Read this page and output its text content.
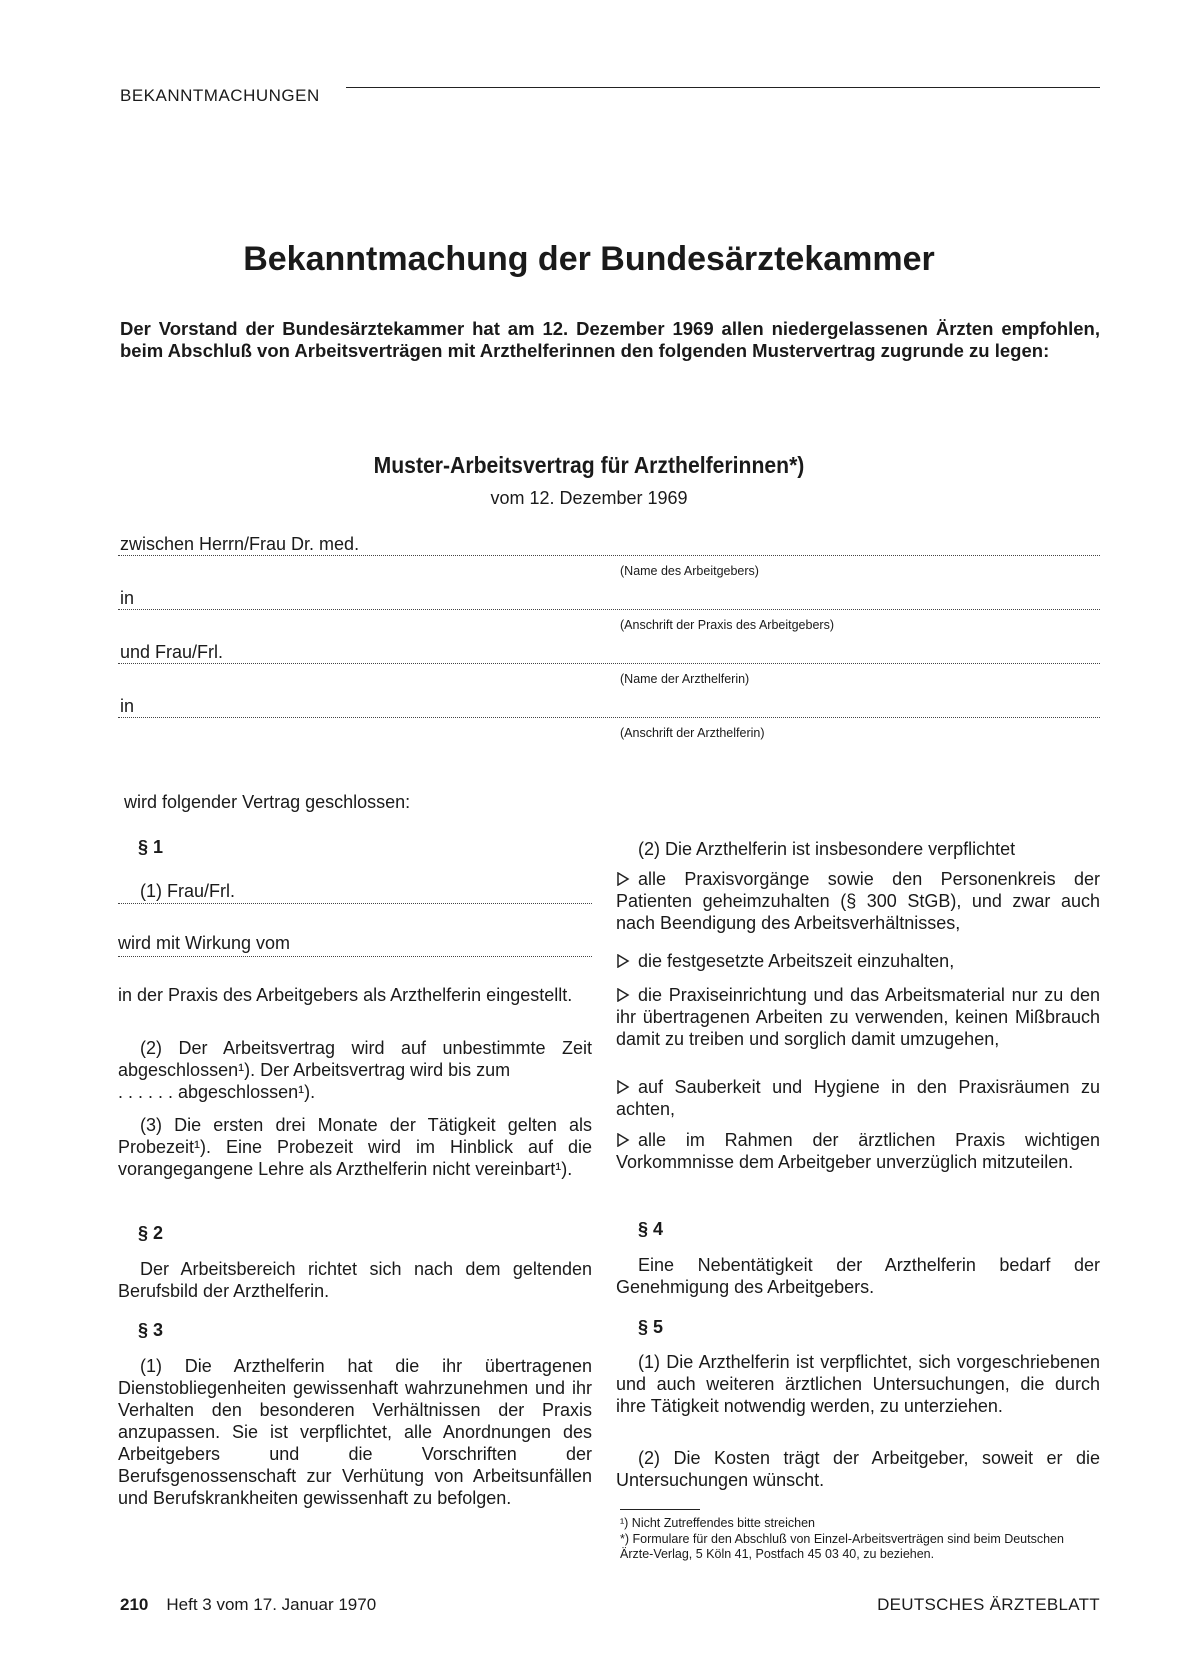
BEKANNTMACHUNGEN
Bekanntmachung der Bundesärztekammer
Der Vorstand der Bundesärztekammer hat am 12. Dezember 1969 allen niedergelassenen Ärzten empfohlen, beim Abschluß von Arbeitsverträgen mit Arzthelferinnen den folgenden Mustervertrag zugrunde zu legen:
Muster-Arbeitsvertrag für Arzthelferinnen*)
vom 12. Dezember 1969
zwischen Herrn/Frau Dr. med.
(Name des Arbeitgebers)
in
(Anschrift der Praxis des Arbeitgebers)
und Frau/Frl.
(Name der Arzthelferin)
in
(Anschrift der Arzthelferin)
wird folgender Vertrag geschlossen:
§ 1
(1) Frau/Frl.
wird mit Wirkung vom
in der Praxis des Arbeitgebers als Arzthelferin eingestellt.
(2) Der Arbeitsvertrag wird auf unbestimmte Zeit abgeschlossen¹). Der Arbeitsvertrag wird bis zum
. . . . . . abgeschlossen¹).
(3) Die ersten drei Monate der Tätigkeit gelten als Probezeit¹). Eine Probezeit wird im Hinblick auf die vorangegangene Lehre als Arzthelferin nicht vereinbart¹).
§ 2
Der Arbeitsbereich richtet sich nach dem geltenden Berufsbild der Arzthelferin.
§ 3
(1) Die Arzthelferin hat die ihr übertragenen Dienstobliegenheiten gewissenhaft wahrzunehmen und ihr Verhalten den besonderen Verhältnissen der Praxis anzupassen. Sie ist verpflichtet, alle Anordnungen des Arbeitgebers und die Vorschriften der Berufsgenossenschaft zur Verhütung von Arbeitsunfällen und Berufskrankheiten gewissenhaft zu befolgen.
(2) Die Arzthelferin ist insbesondere verpflichtet
alle Praxisvorgänge sowie den Personenkreis der Patienten geheimzuhalten (§ 300 StGB), und zwar auch nach Beendigung des Arbeitsverhältnisses,
die festgesetzte Arbeitszeit einzuhalten,
die Praxiseinrichtung und das Arbeitsmaterial nur zu den ihr übertragenen Arbeiten zu verwenden, keinen Mißbrauch damit zu treiben und sorglich damit umzugehen,
auf Sauberkeit und Hygiene in den Praxisräumen zu achten,
alle im Rahmen der ärztlichen Praxis wichtigen Vorkommnisse dem Arbeitgeber unverzüglich mitzuteilen.
§ 4
Eine Nebentätigkeit der Arzthelferin bedarf der Genehmigung des Arbeitgebers.
§ 5
(1) Die Arzthelferin ist verpflichtet, sich vorgeschriebenen und auch weiteren ärztlichen Untersuchungen, die durch ihre Tätigkeit notwendig werden, zu unterziehen.
(2) Die Kosten trägt der Arbeitgeber, soweit er die Untersuchungen wünscht.
¹) Nicht Zutreffendes bitte streichen
*) Formulare für den Abschluß von Einzel-Arbeitsverträgen sind beim Deutschen Ärzte-Verlag, 5 Köln 41, Postfach 45 03 40, zu beziehen.
210 Heft 3 vom 17. Januar 1970	DEUTSCHES ÄRZTEBLATT
